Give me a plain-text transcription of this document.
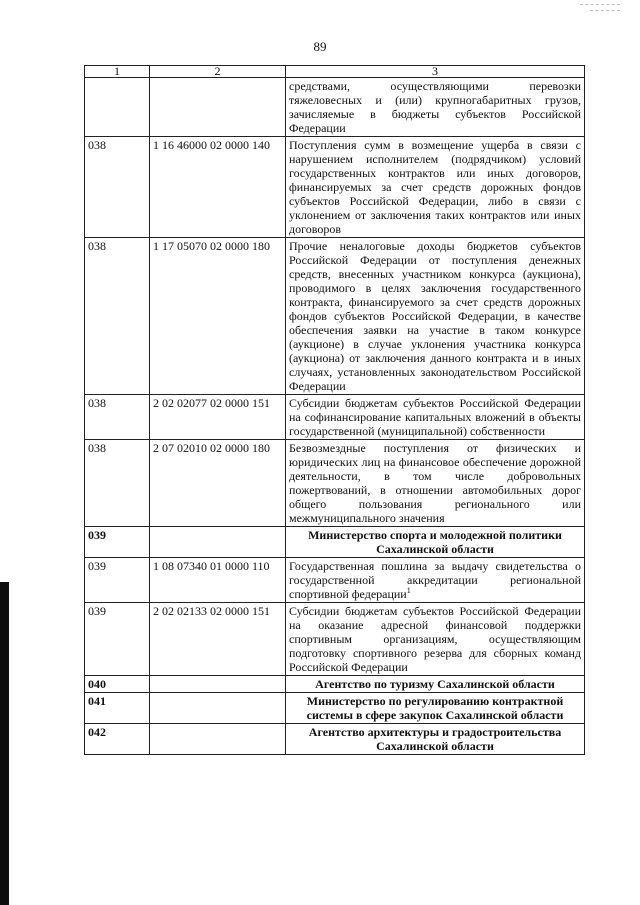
89
1	2	3
		средствами, осуществляющими перевозки тяжеловесных и (или) крупногабаритных грузов, зачисляемые в бюджеты субъектов Российской Федерации
038	1 16 46000 02 0000 140	Поступления сумм в возмещение ущерба в связи с нарушением исполнителем (подрядчиком) условий государственных контрактов или иных договоров, финансируемых за счет средств дорожных фондов субъектов Российской Федерации, либо в связи с уклонением от заключения таких контрактов или иных договоров
038	1 17 05070 02 0000 180	Прочие неналоговые доходы бюджетов субъектов Российской Федерации от поступления денежных средств, внесенных участником конкурса (аукциона), проводимого в целях заключения государственного контракта, финансируемого за счет средств дорожных фондов субъектов Российской Федерации, в качестве обеспечения заявки на участие в таком конкурсе (аукционе) в случае уклонения участника конкурса (аукциона) от заключения данного контракта и в иных случаях, установленных законодательством Российской Федерации
038	2 02 02077 02 0000 151	Субсидии бюджетам субъектов Российской Федерации на софинансирование капитальных вложений в объекты государственной (муниципальной) собственности
038	2 07 02010 02 0000 180	Безвозмездные поступления от физических и юридических лиц на финансовое обеспечение дорожной деятельности, в том числе добровольных пожертвований, в отношении автомобильных дорог общего пользования регионального или межмуниципального значения
039		Министерство спорта и молодежной политики Сахалинской области
039	1 08 07340 01 0000 110	Государственная пошлина за выдачу свидетельства о государственной аккредитации региональной спортивной федерации$^1$
039	2 02 02133 02 0000 151	Субсидии бюджетам субъектов Российской Федерации на оказание адресной финансовой поддержки спортивным организациям, осуществляющим подготовку спортивного резерва для сборных команд Российской Федерации
040		Агентство по туризму Сахалинской области
041		Министерство по регулированию контрактной системы в сфере закупок Сахалинской области
042		Агентство архитектуры и градостроительства Сахалинской области
